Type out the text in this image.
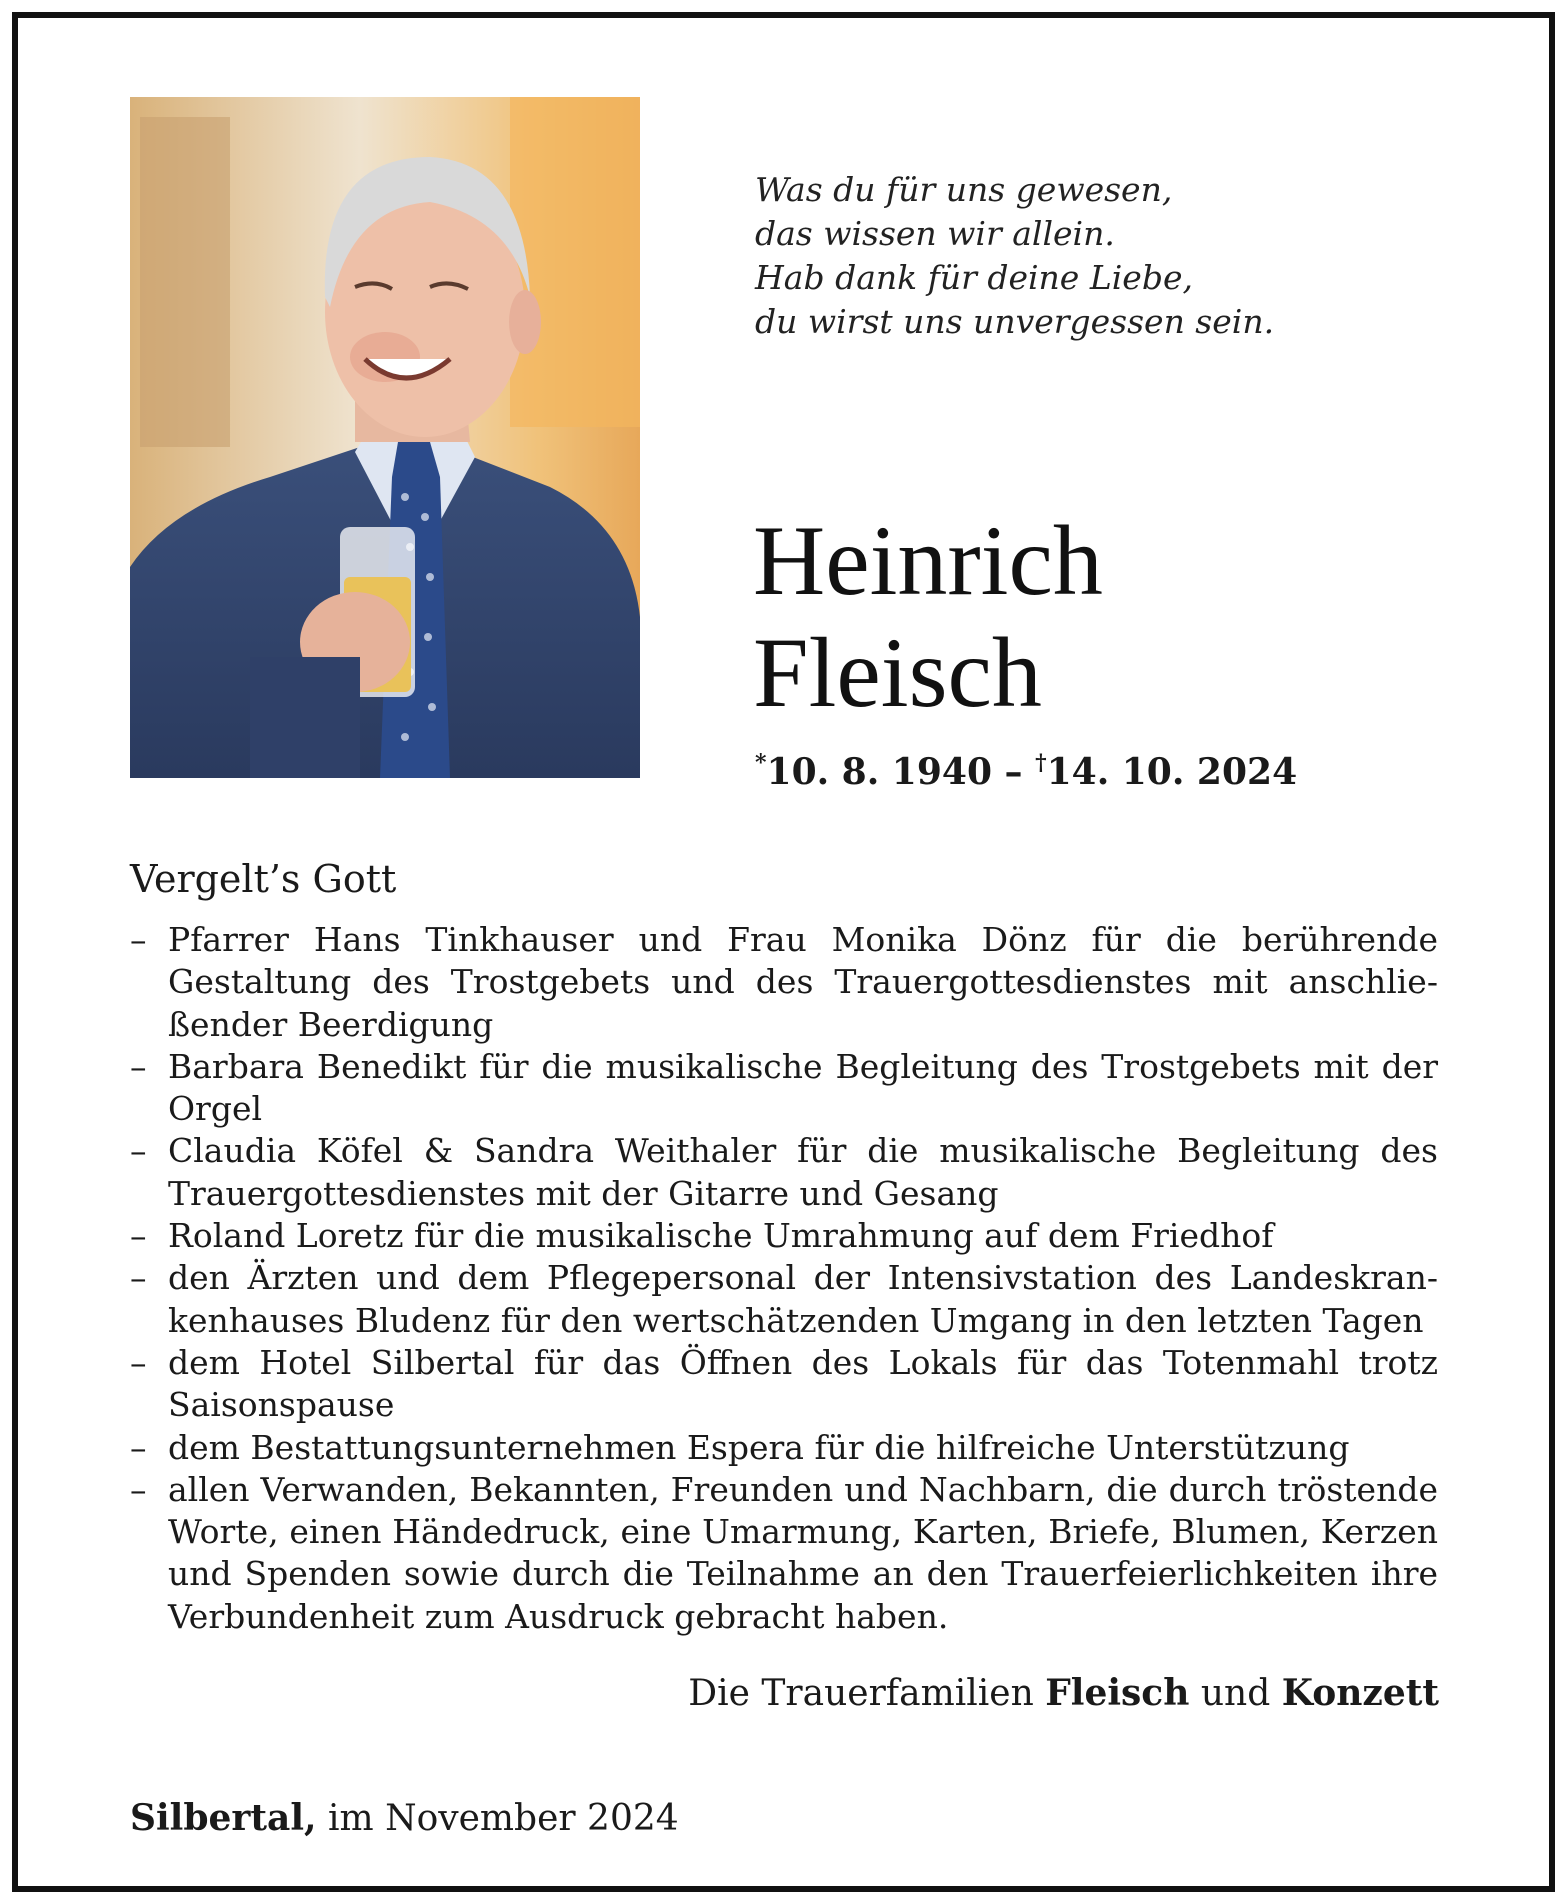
Was du für uns gewesen,
das wissen wir allein.
Hab dank für deine Liebe,
du wirst uns unvergessen sein.
Heinrich
Fleisch
*10. 8. 1940 – †14. 10. 2024
Vergelt’s Gott
– Pfarrer Hans Tinkhauser und Frau Monika Dönz für die berührende Gestaltung des Trostgebets und des Trauergottesdienstes mit anschließender Beerdigung
– Barbara Benedikt für die musikalische Begleitung des Trostgebets mit der Orgel
– Claudia Köfel & Sandra Weithaler für die musikalische Begleitung des Trauergottesdienstes mit der Gitarre und Gesang
– Roland Loretz für die musikalische Umrahmung auf dem Friedhof
– den Ärzten und dem Pflegepersonal der Intensivstation des Landeskrankenhauses Bludenz für den wertschätzenden Umgang in den letzten Tagen
– dem Hotel Silbertal für das Öffnen des Lokals für das Totenmahl trotz Saisonspause
– dem Bestattungsunternehmen Espera für die hilfreiche Unterstützung
– allen Verwanden, Bekannten, Freunden und Nachbarn, die durch tröstende Worte, einen Händedruck, eine Umarmung, Karten, Briefe, Blumen, Kerzen und Spenden sowie durch die Teilnahme an den Trauerfeierlichkeiten ihre Verbundenheit zum Ausdruck gebracht haben.
Die Trauerfamilien Fleisch und Konzett
Silbertal, im November 2024
